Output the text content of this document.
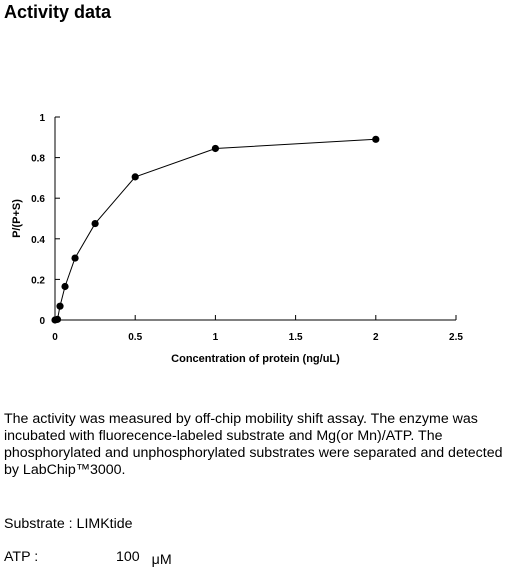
Activity data
0
0.2
0.4
0.6
0.8
1
0	0.5	1	1.5	2	2.5
Concentration of protein (ng/uL)
P/(P+S)

The activity was measured by off-chip mobility shift assay. The enzyme was incubated with fluorecence-labeled substrate and Mg(or Mn)/ATP. The phosphorylated and unphosphorylated substrates were separated and detected by LabChip™3000.

Substrate : LIMKtide

ATP :	100 μM
